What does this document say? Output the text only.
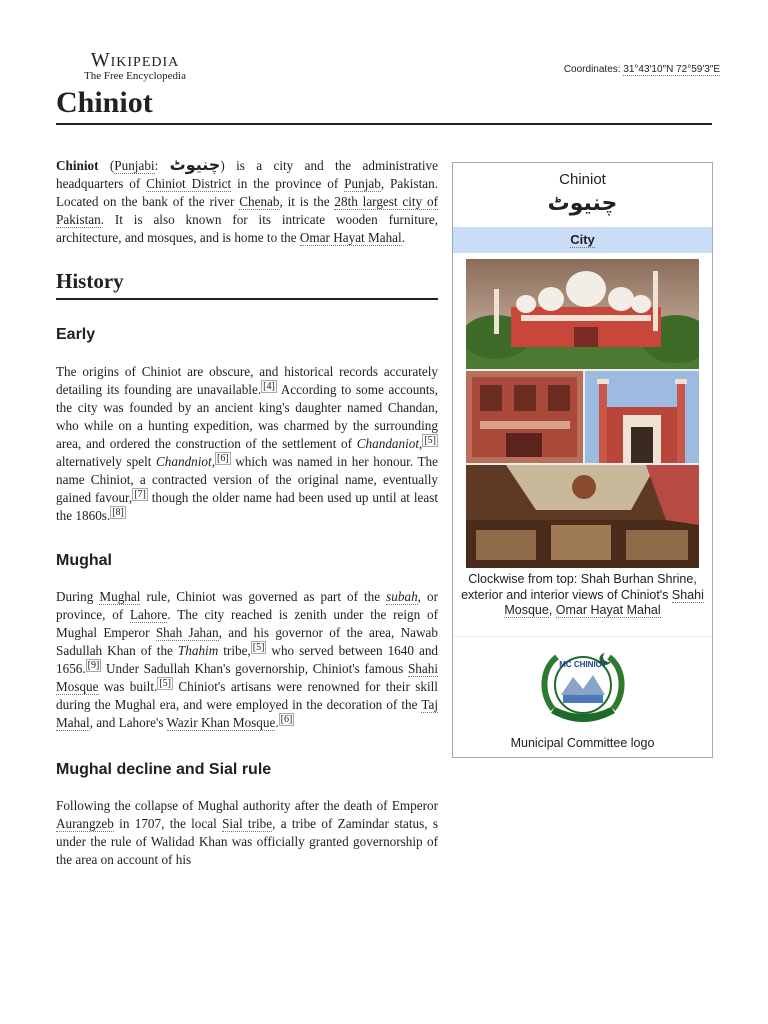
Wikipedia
The Free Encyclopedia
Coordinates: 31°43′10″N 72°59′3″E
Chiniot

Chiniot (Punjabi: چنیوٹ) is a city and the administrative headquarters of Chiniot District in the province of Punjab, Pakistan. Located on the bank of the river Chenab, it is the 28th largest city of Pakistan. It is also known for its intricate wooden furniture, architecture, and mosques, and is home to the Omar Hayat Mahal.

History
Early

The origins of Chiniot are obscure, and historical records accurately detailing its founding are unavailable. [4] According to some accounts, the city was founded by an ancient king's daughter named Chandan, who while on a hunting expedition, was charmed by the surrounding area, and ordered the construction of the settlement of Chandaniot, [5] alternatively spelt Chandniot, [6] which was named in her honour. The name Chiniot, a contracted version of the original name, eventually gained favour, [7] though the older name had been used up until at least the 1860s. [8]

Mughal

During Mughal rule, Chiniot was governed as part of the subah, or province, of Lahore. The city reached is zenith under the reign of Mughal Emperor Shah Jahan, and his governor of the area, Nawab Sadullah Khan of the Thahim tribe, [5] who served between 1640 and 1656. [9] Under Sadullah Khan's governorship, Chiniot's famous Shahi Mosque was built. [5] Chiniot's artisans were renowned for their skill during the Mughal era, and were employed in the decoration of the Taj Mahal, and Lahore's Wazir Khan Mosque. [6]

Mughal decline and Sial rule

Following the collapse of Mughal authority after the death of Emperor Aurangzeb in 1707, the local Sial tribe, a tribe of Zamindar status, s under the rule of Walidad Khan was officially granted governorship of the area on account of his

Chiniot
چنیوٹ
City
Clockwise from top: Shah Burhan Shrine, exterior and interior views of Chiniot's Shahi Mosque, Omar Hayat Mahal
MC CHINIOT
Municipal Committee logo
